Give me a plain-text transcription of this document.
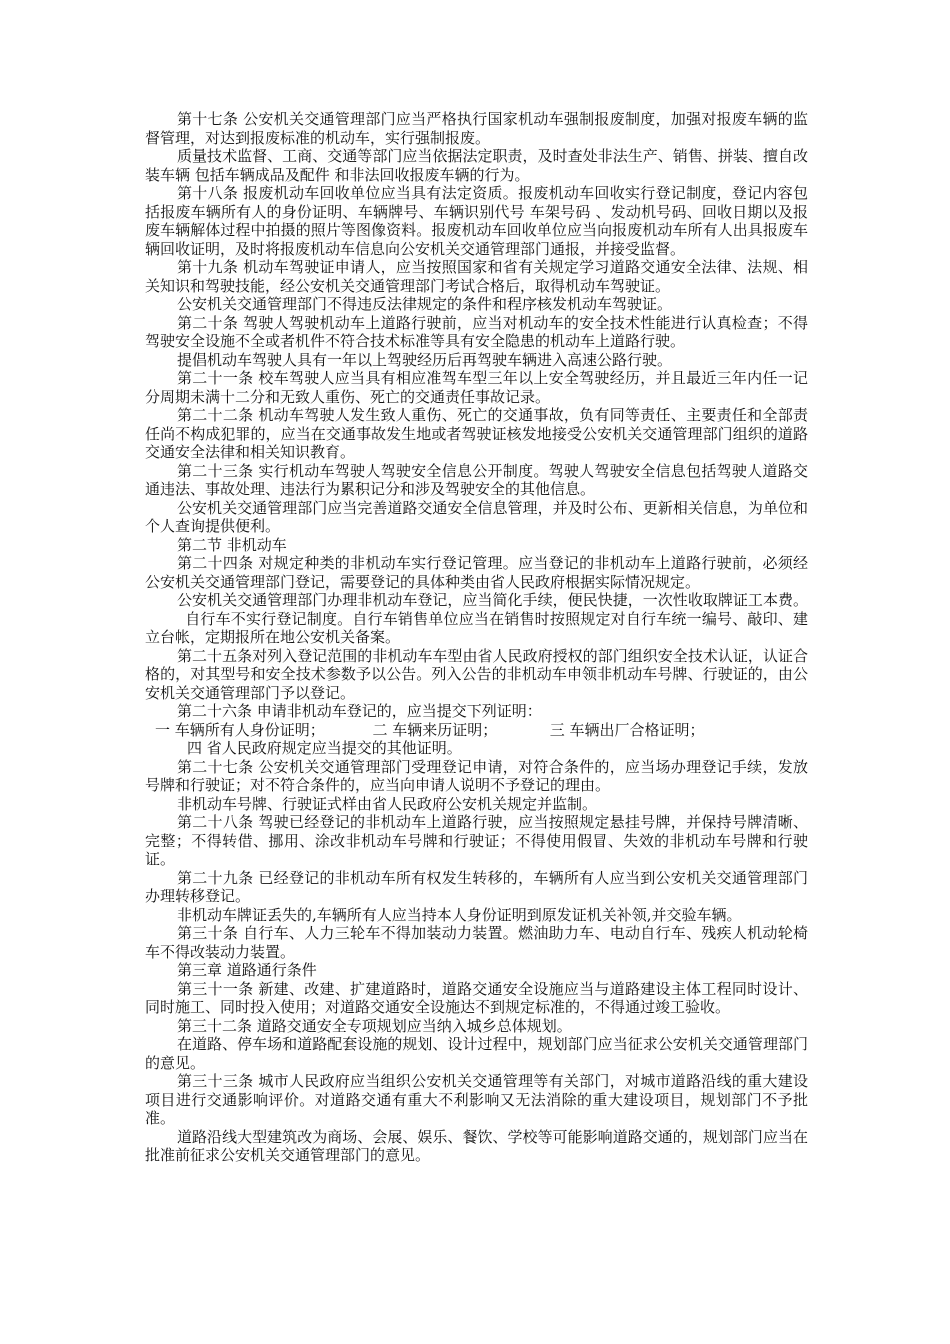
第十七条 公安机关交通管理部门应当严格执行国家机动车强制报废制度，加强对报废车辆的监督管理，对达到报废标准的机动车，实行强制报废。

质量技术监督、工商、交通等部门应当依据法定职责，及时查处非法生产、销售、拼装、擅自改装车辆 包括车辆成品及配件 和非法回收报废车辆的行为。

第十八条 报废机动车回收单位应当具有法定资质。报废机动车回收实行登记制度，登记内容包括报废车辆所有人的身份证明、车辆牌号、车辆识别代号 车架号码 、发动机号码、回收日期以及报废车辆解体过程中拍摄的照片等图像资料。报废机动车回收单位应当向报废机动车所有人出具报废车辆回收证明，及时将报废机动车信息向公安机关交通管理部门通报，并接受监督。

第十九条 机动车驾驶证申请人，应当按照国家和省有关规定学习道路交通安全法律、法规、相关知识和驾驶技能，经公安机关交通管理部门考试合格后，取得机动车驾驶证。

公安机关交通管理部门不得违反法律规定的条件和程序核发机动车驾驶证。

第二十条 驾驶人驾驶机动车上道路行驶前，应当对机动车的安全技术性能进行认真检查；不得驾驶安全设施不全或者机件不符合技术标准等具有安全隐患的机动车上道路行驶。

提倡机动车驾驶人具有一年以上驾驶经历后再驾驶车辆进入高速公路行驶。

第二十一条 校车驾驶人应当具有相应准驾车型三年以上安全驾驶经历，并且最近三年内任一记分周期未满十二分和无致人重伤、死亡的交通责任事故记录。

第二十二条 机动车驾驶人发生致人重伤、死亡的交通事故，负有同等责任、主要责任和全部责任尚不构成犯罪的，应当在交通事故发生地或者驾驶证核发地接受公安机关交通管理部门组织的道路交通安全法律和相关知识教育。

第二十三条 实行机动车驾驶人驾驶安全信息公开制度。驾驶人驾驶安全信息包括驾驶人道路交通违法、事故处理、违法行为累积记分和涉及驾驶安全的其他信息。

公安机关交通管理部门应当完善道路交通安全信息管理，并及时公布、更新相关信息，为单位和个人查询提供便利。

第二节 非机动车

第二十四条 对规定种类的非机动车实行登记管理。应当登记的非机动车上道路行驶前，必须经公安机关交通管理部门登记，需要登记的具体种类由省人民政府根据实际情况规定。

公安机关交通管理部门办理非机动车登记，应当简化手续，便民快捷，一次性收取牌证工本费。自行车不实行登记制度。自行车销售单位应当在销售时按照规定对自行车统一编号、敲印、建立台帐，定期报所在地公安机关备案。

第二十五条对列入登记范围的非机动车车型由省人民政府授权的部门组织安全技术认证，认证合格的，对其型号和安全技术参数予以公告。列入公告的非机动车申领非机动车号牌、行驶证的，由公安机关交通管理部门予以登记。

第二十六条 申请非机动车登记的，应当提交下列证明：

一 车辆所有人身份证明；	二 车辆来历证明；	三 车辆出厂合格证明；

四 省人民政府规定应当提交的其他证明。

第二十七条 公安机关交通管理部门受理登记申请，对符合条件的，应当场办理登记手续，发放号牌和行驶证；对不符合条件的，应当向申请人说明不予登记的理由。

非机动车号牌、行驶证式样由省人民政府公安机关规定并监制。

第二十八条 驾驶已经登记的非机动车上道路行驶，应当按照规定悬挂号牌，并保持号牌清晰、完整；不得转借、挪用、涂改非机动车号牌和行驶证；不得使用假冒、失效的非机动车号牌和行驶证。

第二十九条 已经登记的非机动车所有权发生转移的，车辆所有人应当到公安机关交通管理部门办理转移登记。

非机动车牌证丢失的,车辆所有人应当持本人身份证明到原发证机关补领,并交验车辆。

第三十条 自行车、人力三轮车不得加装动力装置。燃油助力车、电动自行车、残疾人机动轮椅车不得改装动力装置。

第三章 道路通行条件

第三十一条 新建、改建、扩建道路时，道路交通安全设施应当与道路建设主体工程同时设计、同时施工、同时投入使用；对道路交通安全设施达不到规定标准的，不得通过竣工验收。

第三十二条 道路交通安全专项规划应当纳入城乡总体规划。

在道路、停车场和道路配套设施的规划、设计过程中，规划部门应当征求公安机关交通管理部门的意见。

第三十三条 城市人民政府应当组织公安机关交通管理等有关部门，对城市道路沿线的重大建设项目进行交通影响评价。对道路交通有重大不利影响又无法消除的重大建设项目，规划部门不予批准。

道路沿线大型建筑改为商场、会展、娱乐、餐饮、学校等可能影响道路交通的，规划部门应当在批准前征求公安机关交通管理部门的意见。
